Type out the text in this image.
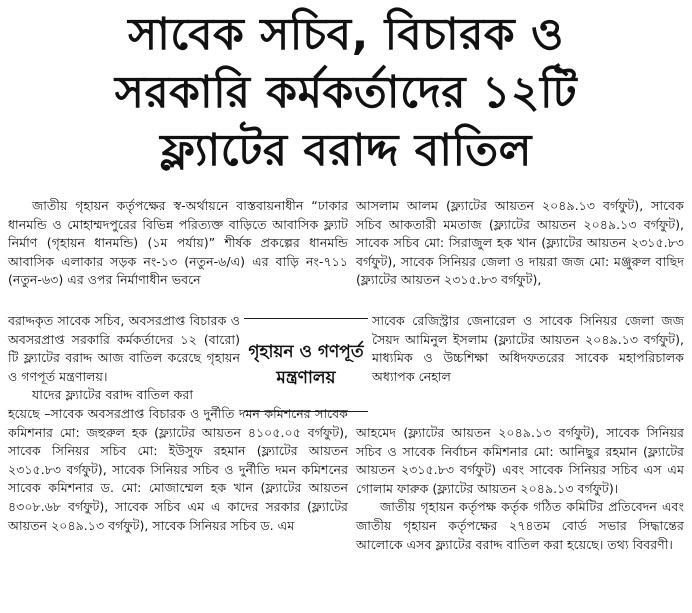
সাবেক সচিব, বিচারক ও
সরকারি কর্মকর্তাদের ১২টি
ফ্ল্যাটের বরাদ্দ বাতিল

জাতীয় গৃহায়ন কর্তৃপক্ষের স্ব-অর্থায়নে বাস্তবায়নাধীন “ঢাকার ধানমন্ডি ও মোহাম্মদপুরের বিভিন্ন পরিত্যক্ত বাড়িতে আবাসিক ফ্ল্যাট নির্মাণ (গৃহায়ন ধানমন্ডি) (১ম পর্যায়)” শীর্ষক প্রকল্পের ধানমন্ডি আবাসিক এলাকার সড়ক নং-১৩ (নতুন-৬/এ) এর বাড়ি নং-৭১১ (নতুন-৬৩) এর ওপর নির্মাণাধীন ভবনে

বরাদ্দকৃত সাবেক সচিব, অবসরপ্রাপ্ত বিচারক ও অবসরপ্রাপ্ত সরকারি কর্মকর্তাদের ১২ (বারো) টি ফ্ল্যাটের বরাদ্দ আজ বাতিল করেছে গৃহায়ন ও গণপূর্ত মন্ত্রণালয়।

যাদের ফ্ল্যাটের বরাদ্দ বাতিল করা

গৃহায়ন ও গণপূর্ত মন্ত্রণালয়

হয়েছে –সাবেক অবসরপ্রাপ্ত বিচারক ও দুর্নীতি দমন কমিশনের সাবেক কমিশনার মো: জহুরুল হক (ফ্ল্যাটের আয়তন ৪১০৫.০৫ বর্গফুট), সাবেক সিনিয়র সচিব মো: ইউসুফ রহমান (ফ্ল্যাটের আয়তন ২৩১৫.৮৩ বর্গফুট), সাবেক সিনিয়র সচিব ও দুর্নীতি দমন কমিশনের সাবেক কমিশনার ড. মো: মোজাম্মেল হক খান (ফ্ল্যাটের আয়তন ৪৩০৮.৬৮ বর্গফুট), সাবেক সচিব এম এ কাদের সরকার (ফ্ল্যাটের আয়তন ২০৪৯.১৩ বর্গফুট), সাবেক সিনিয়র সচিব ড. এম

আসলাম আলম (ফ্ল্যাটের আয়তন ২০৪৯.১৩ বর্গফুট), সাবেক সচিব আকতারী মমতাজ (ফ্ল্যাটের আয়তন ২০৪৯.১৩ বর্গফুট), সাবেক সচিব মো: সিরাজুল হক খান (ফ্ল্যাটের আয়তন ২৩১৫.৮৩ বর্গফুট), সাবেক সিনিয়র জেলা ও দায়রা জজ মো: মঞ্জুরুল বাছিদ (ফ্ল্যাটের আয়তন ২৩১৫.৮৩ বর্গফুট),

সাবেক রেজিস্ট্রার জেনারেল ও সাবেক সিনিয়র জেলা জজ সৈয়দ আমিনুল ইসলাম (ফ্ল্যাটের আয়তন ২০৪৯.১৩ বর্গফুট), মাধ্যমিক ও উচ্চশিক্ষা অধিদফতরের সাবেক মহাপরিচালক অধ্যাপক নেহাল

আহমেদ (ফ্ল্যাটের আয়তন ২০৪৯.১৩ বর্গফুট), সাবেক সিনিয়র সচিব ও সাবেক নির্বাচন কমিশনার মো: আনিছুর রহমান (ফ্ল্যাটের আয়তন ২৩১৫.৮৩ বর্গফুট) এবং সাবেক সিনিয়র সচিব এস এম গোলাম ফারুক (ফ্ল্যাটের আয়তন ২০৪৯.১৩ বর্গফুট)।

জাতীয় গৃহায়ন কর্তৃপক্ষ কর্তৃক গঠিত কমিটির প্রতিবেদন এবং জাতীয় গৃহায়ন কর্তৃপক্ষের ২৭৪তম বোর্ড সভার সিদ্ধান্তের আলোকে এসব ফ্ল্যাটের বরাদ্দ বাতিল করা হয়েছে। তথ্য বিবরণী।
